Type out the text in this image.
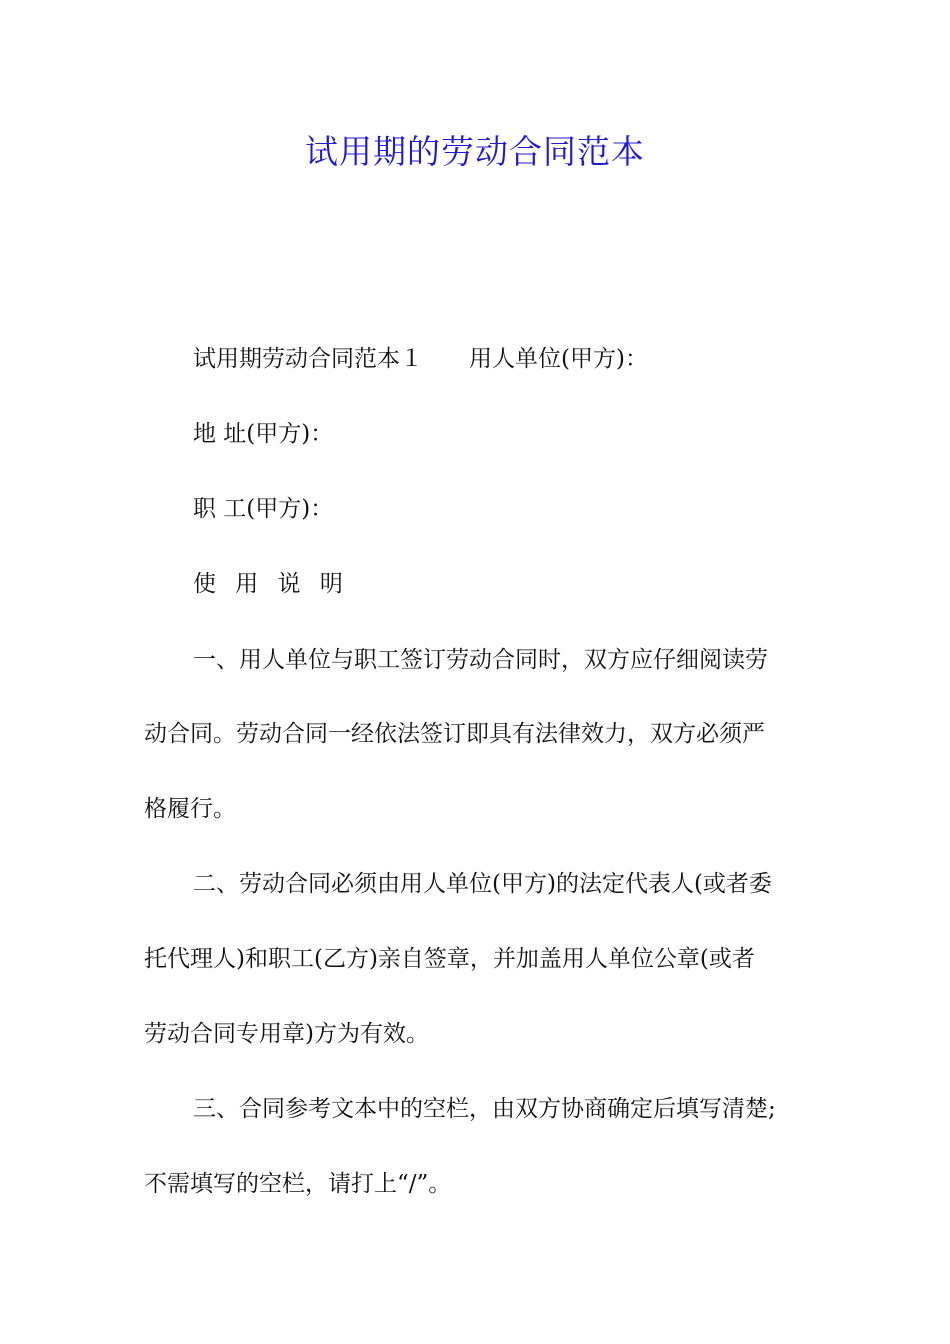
试用期的劳动合同范本
试用期劳动合同范本１ 用人单位(甲方)：
地 址(甲方)：
职 工(甲方)：
使 用 说 明
一、用人单位与职工签订劳动合同时，双方应仔细阅读劳
动合同。劳动合同一经依法签订即具有法律效力，双方必须严
格履行。
二、劳动合同必须由用人单位(甲方)的法定代表人(或者委
托代理人)和职工(乙方)亲自签章，并加盖用人单位公章(或者
劳动合同专用章)方为有效。
三、合同参考文本中的空栏，由双方协商确定后填写清楚;
不需填写的空栏，请打上“/”。
